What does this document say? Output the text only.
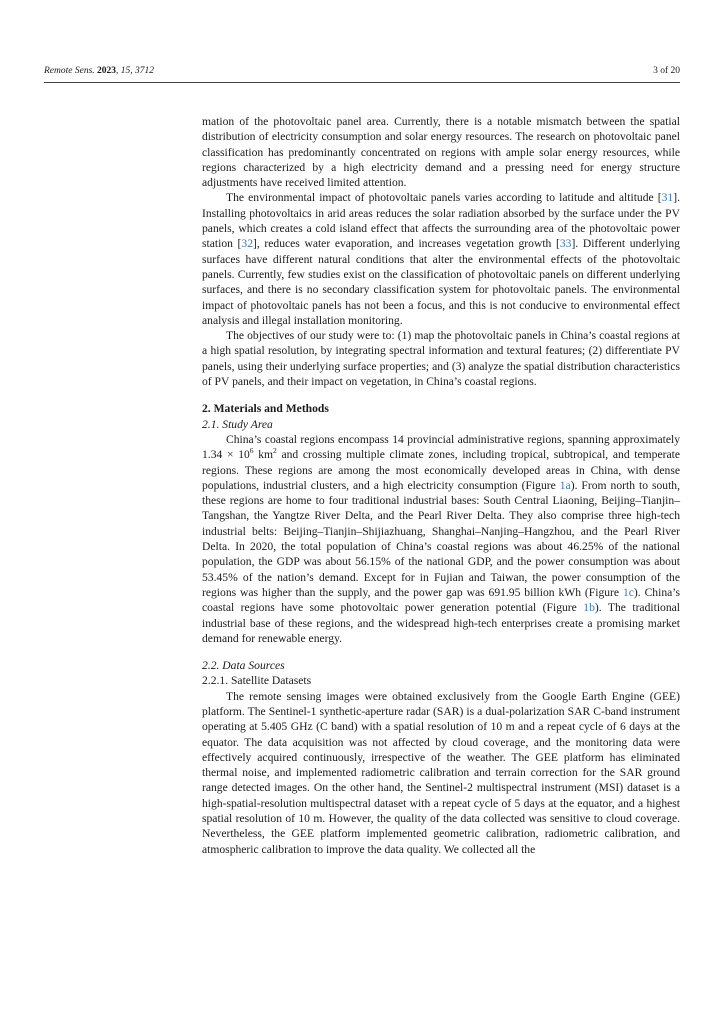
Remote Sens. 2023, 15, 3712	3 of 20

mation of the photovoltaic panel area. Currently, there is a notable mismatch between the spatial distribution of electricity consumption and solar energy resources. The research on photovoltaic panel classification has predominantly concentrated on regions with ample solar energy resources, while regions characterized by a high electricity demand and a pressing need for energy structure adjustments have received limited attention.

The environmental impact of photovoltaic panels varies according to latitude and altitude [31]. Installing photovoltaics in arid areas reduces the solar radiation absorbed by the surface under the PV panels, which creates a cold island effect that affects the surrounding area of the photovoltaic power station [32], reduces water evaporation, and increases vegetation growth [33]. Different underlying surfaces have different natural conditions that alter the environmental effects of the photovoltaic panels. Currently, few studies exist on the classification of photovoltaic panels on different underlying surfaces, and there is no secondary classification system for photovoltaic panels. The environmental impact of photovoltaic panels has not been a focus, and this is not conducive to environmental effect analysis and illegal installation monitoring.

The objectives of our study were to: (1) map the photovoltaic panels in China’s coastal regions at a high spatial resolution, by integrating spectral information and textural features; (2) differentiate PV panels, using their underlying surface properties; and (3) analyze the spatial distribution characteristics of PV panels, and their impact on vegetation, in China’s coastal regions.

2. Materials and Methods
2.1. Study Area

China’s coastal regions encompass 14 provincial administrative regions, spanning approximately $1.34 \times 10^6$ $km^2$ and crossing multiple climate zones, including tropical, subtropical, and temperate regions. These regions are among the most economically developed areas in China, with dense populations, industrial clusters, and a high electricity consumption (Figure 1a). From north to south, these regions are home to four traditional industrial bases: South Central Liaoning, Beijing–Tianjin–Tangshan, the Yangtze River Delta, and the Pearl River Delta. They also comprise three high-tech industrial belts: Beijing–Tianjin–Shijiazhuang, Shanghai–Nanjing–Hangzhou, and the Pearl River Delta. In 2020, the total population of China’s coastal regions was about 46.25% of the national population, the GDP was about 56.15% of the national GDP, and the power consumption was about 53.45% of the nation’s demand. Except for in Fujian and Taiwan, the power consumption of the regions was higher than the supply, and the power gap was 691.95 billion kWh (Figure 1c). China’s coastal regions have some photovoltaic power generation potential (Figure 1b). The traditional industrial base of these regions, and the widespread high-tech enterprises create a promising market demand for renewable energy.

2.2. Data Sources
2.2.1. Satellite Datasets

The remote sensing images were obtained exclusively from the Google Earth Engine (GEE) platform. The Sentinel-1 synthetic-aperture radar (SAR) is a dual-polarization SAR C-band instrument operating at 5.405 GHz (C band) with a spatial resolution of 10 m and a repeat cycle of 6 days at the equator. The data acquisition was not affected by cloud coverage, and the monitoring data were effectively acquired continuously, irrespective of the weather. The GEE platform has eliminated thermal noise, and implemented radiometric calibration and terrain correction for the SAR ground range detected images. On the other hand, the Sentinel-2 multispectral instrument (MSI) dataset is a high-spatial-resolution multispectral dataset with a repeat cycle of 5 days at the equator, and a highest spatial resolution of 10 m. However, the quality of the data collected was sensitive to cloud coverage. Nevertheless, the GEE platform implemented geometric calibration, radiometric calibration, and atmospheric calibration to improve the data quality. We collected all the
